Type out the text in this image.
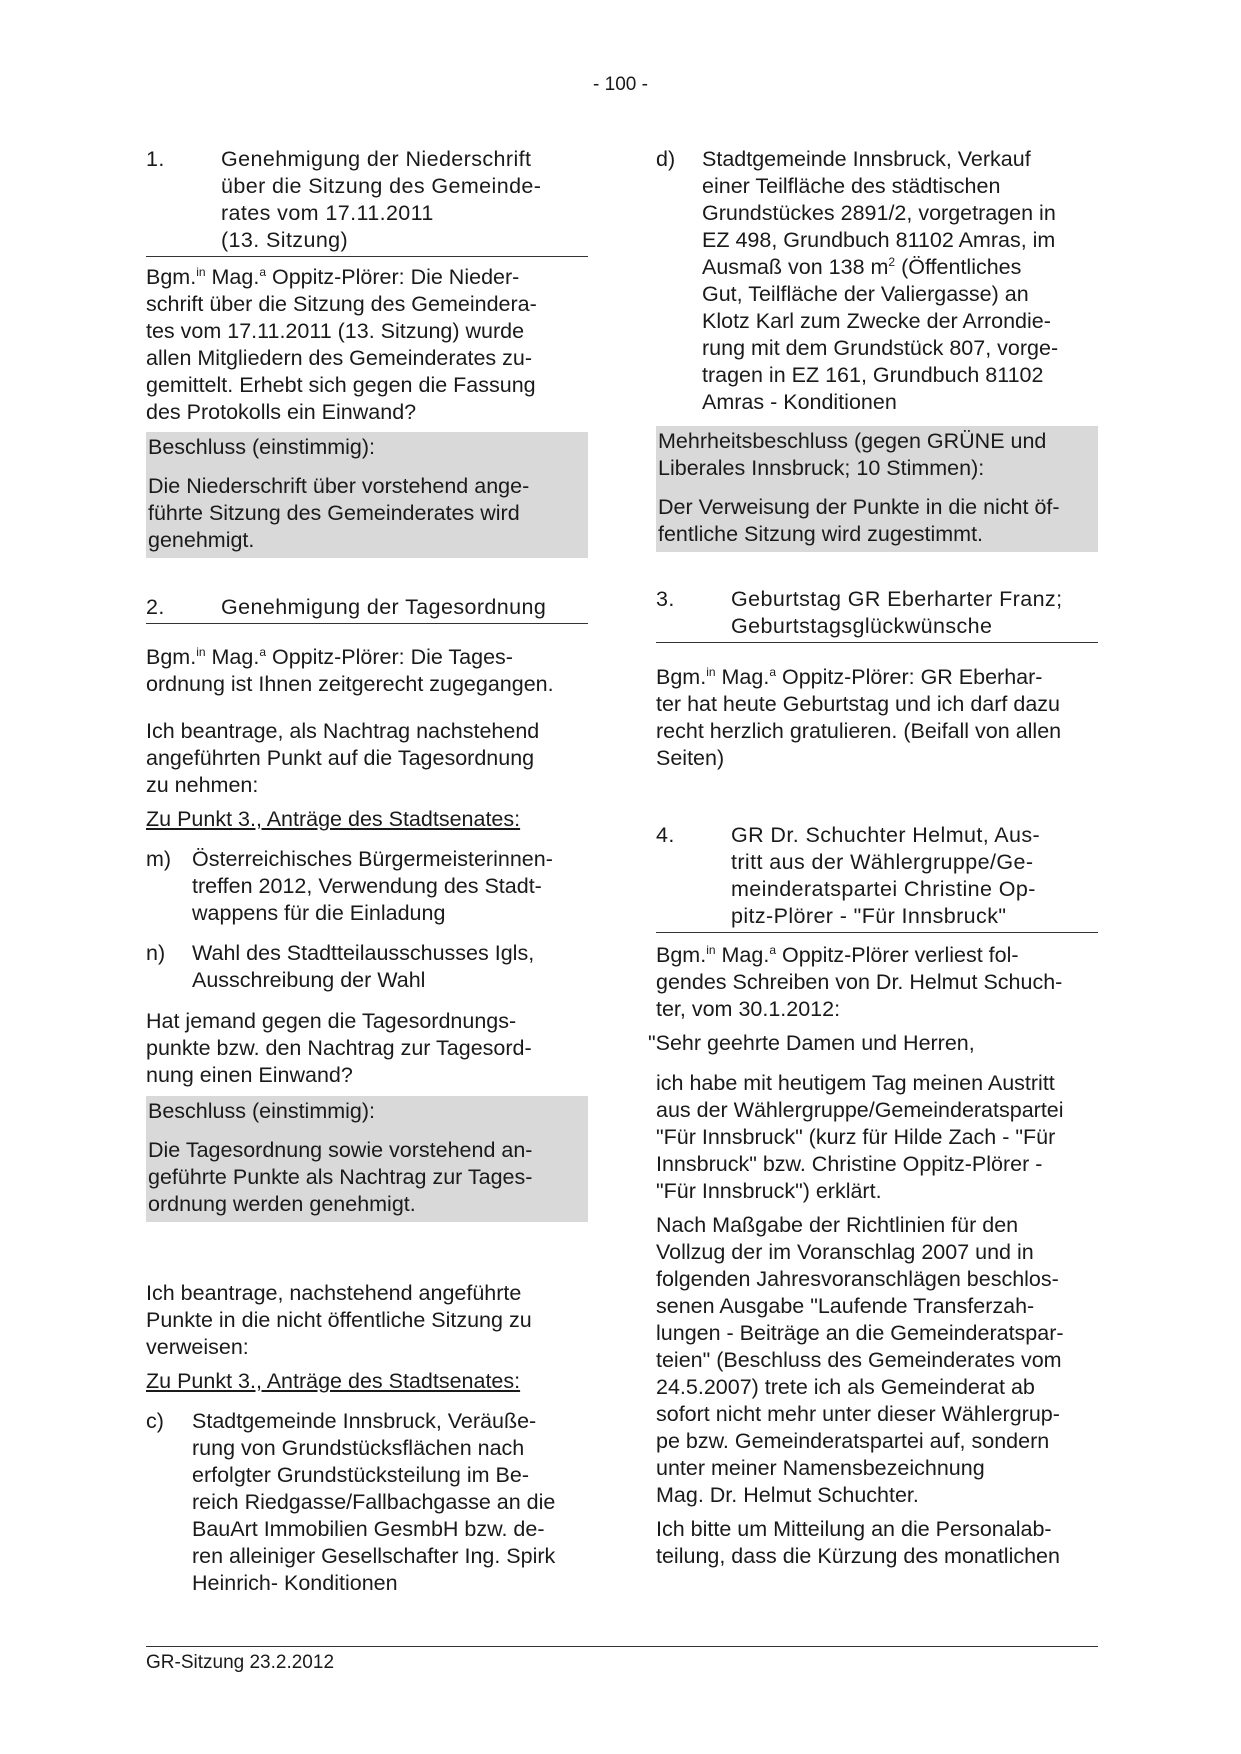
- 100 -
1.	Genehmigung der Niederschrift
über die Sitzung des Gemeinde-
rates vom 17.11.2011
(13. Sitzung)

Bgm.$^{in}$ Mag.$^a$ Oppitz-Plörer: Die Nieder-

schrift über die Sitzung des Gemeindera-

tes vom 17.11.2011 (13. Sitzung) wurde

allen Mitgliedern des Gemeinderates zu-

gemittelt. Erhebt sich gegen die Fassung

des Protokolls ein Einwand?

Beschluss (einstimmig):
Die Niederschrift über vorstehend ange-
führte Sitzung des Gemeinderates wird
genehmigt.
2.	Genehmigung der Tagesordnung

Bgm.$^{in}$ Mag.$^a$ Oppitz-Plörer: Die Tages-

ordnung ist Ihnen zeitgerecht zugegangen.

Ich beantrage, als Nachtrag nachstehend

angeführten Punkt auf die Tagesordnung

zu nehmen:

Zu Punkt 3., Anträge des Stadtsenates:

m) Österreichisches Bürgermeisterinnen-
treffen 2012, Verwendung des Stadt-
wappens für die Einladung
n)	Wahl des Stadtteilausschusses Igls,
Ausschreibung der Wahl

Hat jemand gegen die Tagesordnungs-

punkte bzw. den Nachtrag zur Tagesord-

nung einen Einwand?

Beschluss (einstimmig):
Die Tagesordnung sowie vorstehend an-
geführte Punkte als Nachtrag zur Tages-
ordnung werden genehmigt.

Ich beantrage, nachstehend angeführte

Punkte in die nicht öffentliche Sitzung zu

verweisen:

Zu Punkt 3., Anträge des Stadtsenates:

c)	Stadtgemeinde Innsbruck, Veräuße-
rung von Grundstücksflächen nach
erfolgter Grundstücksteilung im Be-
reich Riedgasse/Fallbachgasse an die
BauArt Immobilien GesmbH bzw. de-
ren alleiniger Gesellschafter Ing. Spirk
Heinrich- Konditionen
d)	Stadtgemeinde Innsbruck, Verkauf
einer Teilfläche des städtischen
Grundstückes 2891/2, vorgetragen in
EZ 498, Grundbuch 81102 Amras, im
Ausmaß von 138 $m^2$ (Öffentliches
Gut, Teilfläche der Valiergasse) an
Klotz Karl zum Zwecke der Arrondie-
rung mit dem Grundstück 807, vorge-
tragen in EZ 161, Grundbuch 81102
Amras - Konditionen
Mehrheitsbeschluss (gegen GRÜNE und
Liberales Innsbruck; 10 Stimmen):
Der Verweisung der Punkte in die nicht öf-
fentliche Sitzung wird zugestimmt.
3.	Geburtstag GR Eberharter Franz;
Geburtstagsglückwünsche

Bgm.$^{in}$ Mag.$^a$ Oppitz-Plörer: GR Eberhar-

ter hat heute Geburtstag und ich darf dazu

recht herzlich gratulieren. (Beifall von allen

Seiten)

4.	GR Dr. Schuchter Helmut, Aus-
tritt aus der Wählergruppe/Ge-
meinderatspartei Christine Op-
pitz-Plörer - "Für Innsbruck"

Bgm.$^{in}$ Mag.$^a$ Oppitz-Plörer verliest fol-

gendes Schreiben von Dr. Helmut Schuch-

ter, vom 30.1.2012:

"Sehr geehrte Damen und Herren,

ich habe mit heutigem Tag meinen Austritt

aus der Wählergruppe/Gemeinderatspartei

"Für Innsbruck" (kurz für Hilde Zach - "Für

Innsbruck" bzw. Christine Oppitz-Plörer -

"Für Innsbruck") erklärt.

Nach Maßgabe der Richtlinien für den

Vollzug der im Voranschlag 2007 und in

folgenden Jahresvoranschlägen beschlos-

senen Ausgabe "Laufende Transferzah-

lungen - Beiträge an die Gemeinderatspar-

teien" (Beschluss des Gemeinderates vom

24.5.2007) trete ich als Gemeinderat ab

sofort nicht mehr unter dieser Wählergrup-

pe bzw. Gemeinderatspartei auf, sondern

unter meiner Namensbezeichnung

Mag. Dr. Helmut Schuchter.

Ich bitte um Mitteilung an die Personalab-

teilung, dass die Kürzung des monatlichen

GR-Sitzung 23.2.2012
